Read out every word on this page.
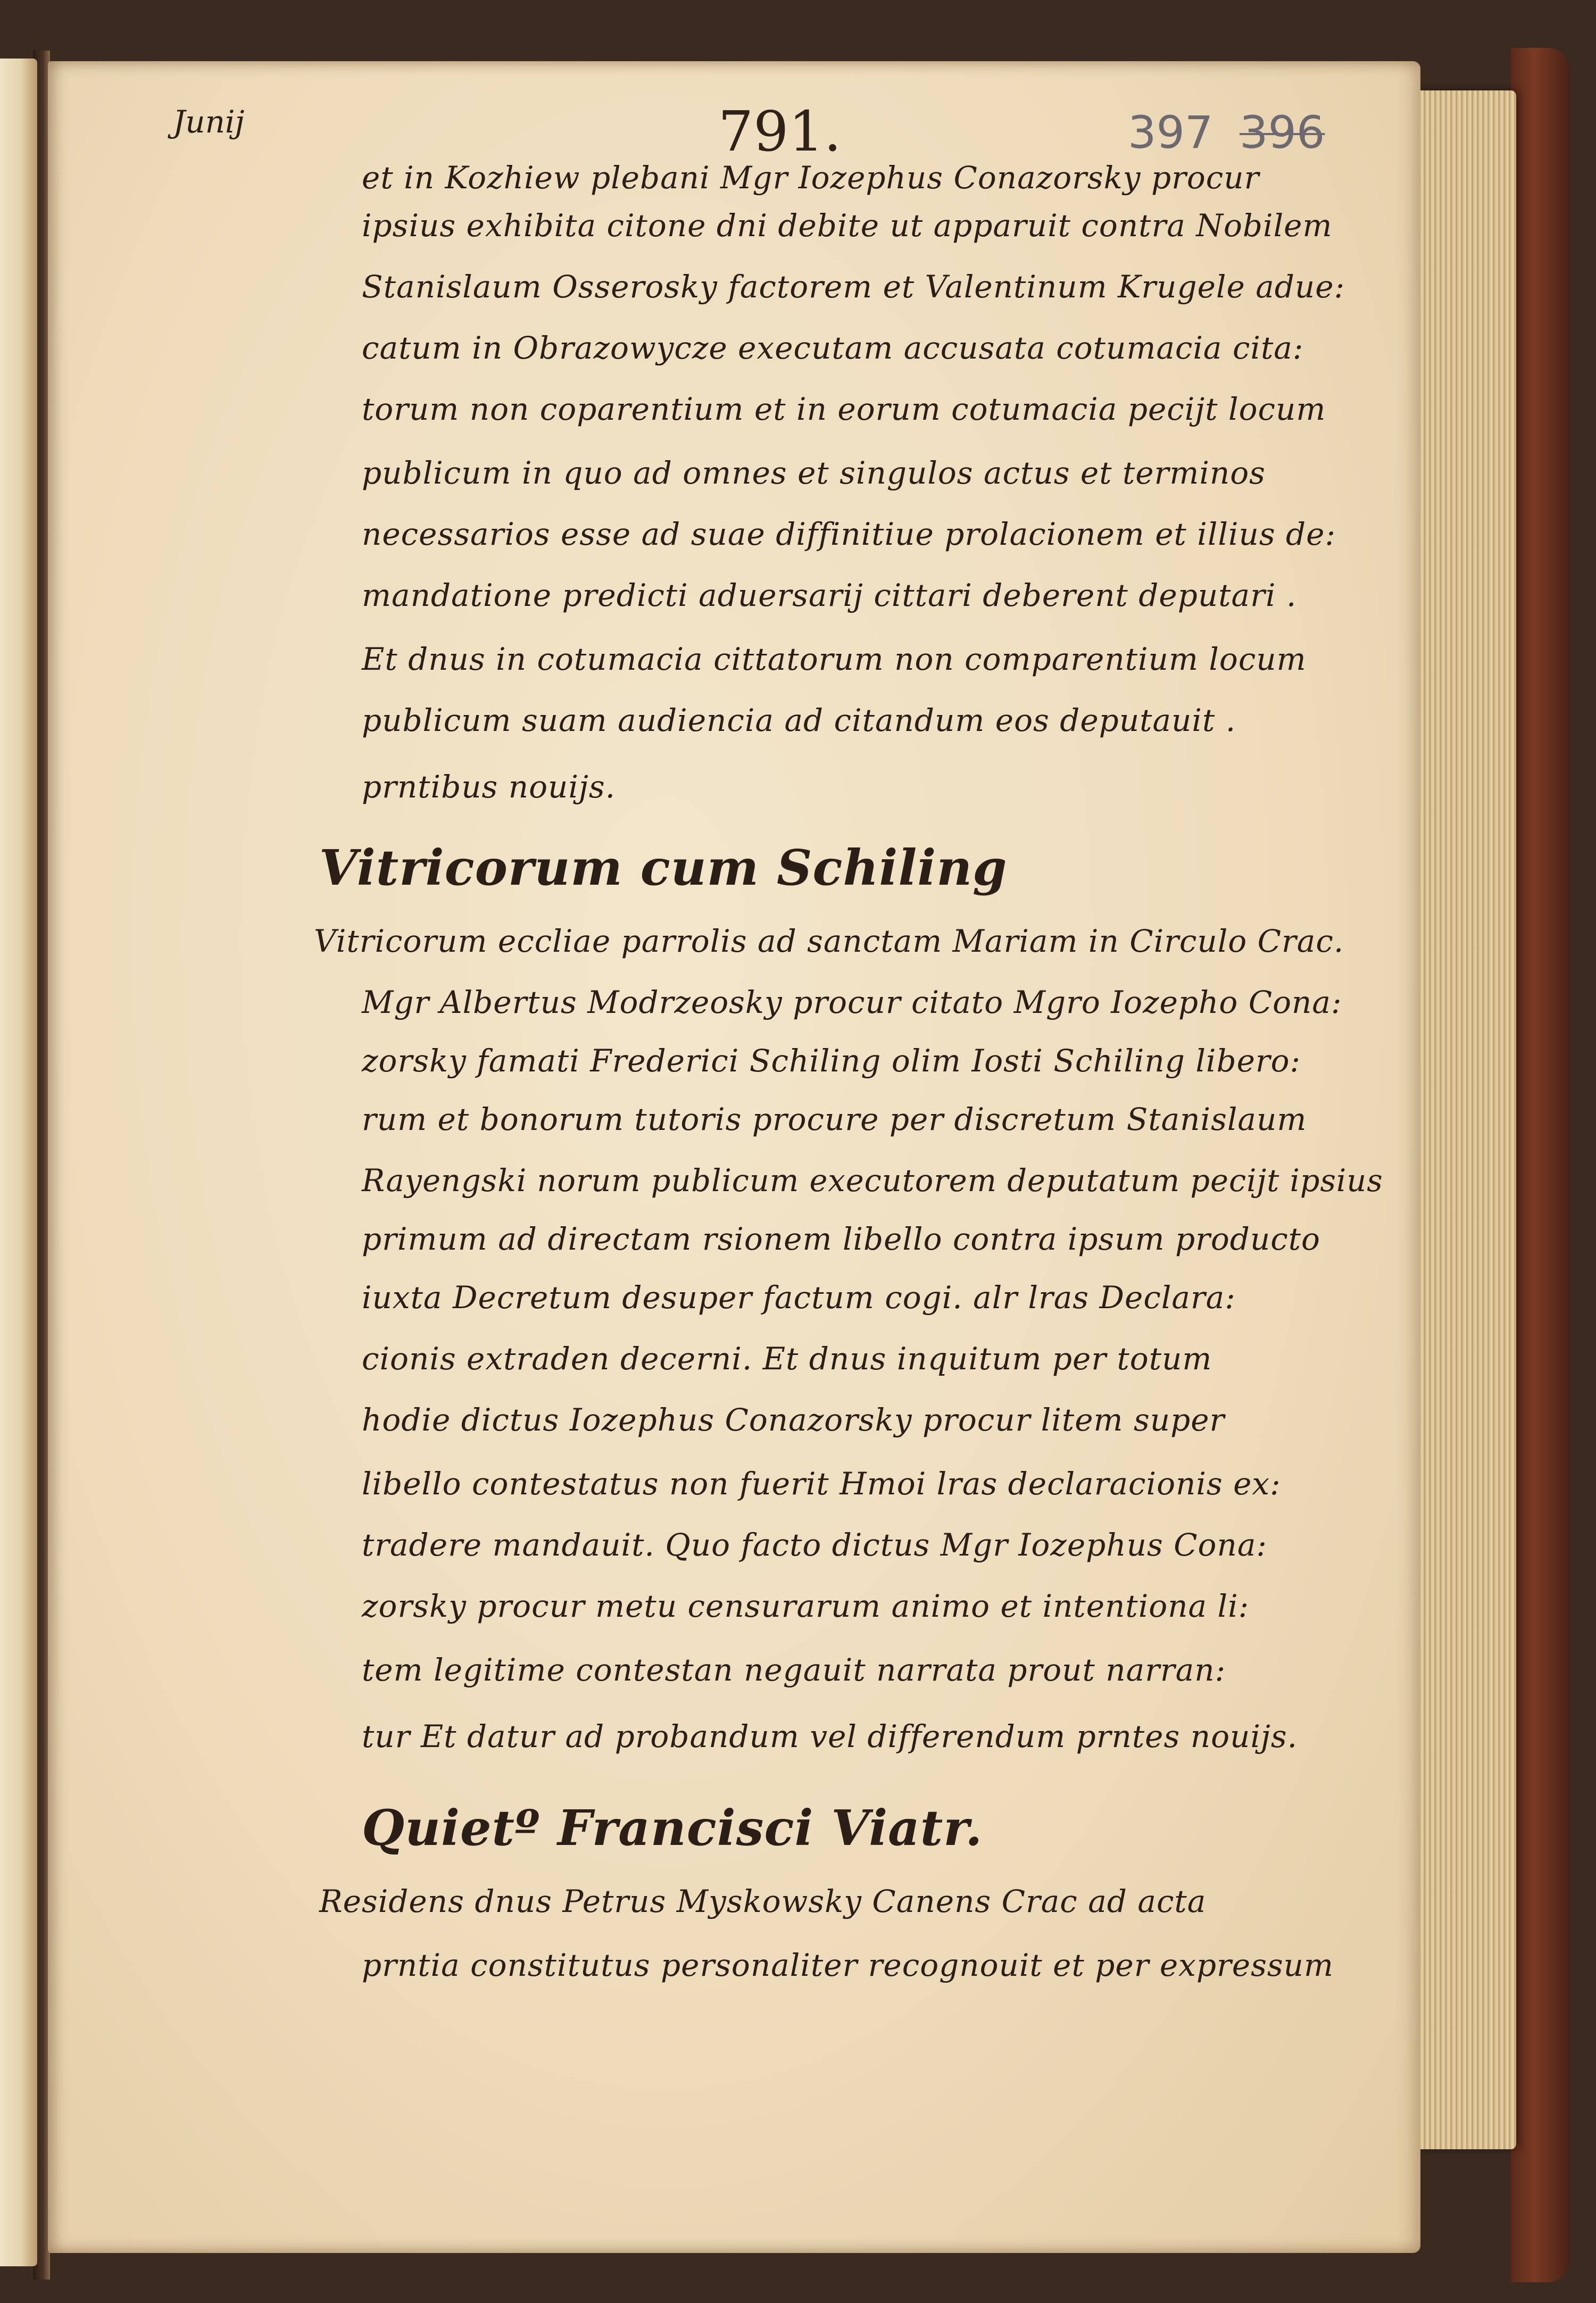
Junij	791.	397 396
et in Kozhiew plebani Mgr Iozephus Conazorsky procur
ipsius exhibita citone dni debite ut apparuit contra Nobilem
Stanislaum Osserosky factorem et Valentinum Krugele adue:
catum in Obrazowycze executam accusata cotumacia cita:
torum non coparentium et in eorum cotumacia pecijt locum
publicum in quo ad omnes et singulos actus et terminos
necessarios esse ad suae diffinitiue prolacionem et illius de:
mandatione predicti aduersarij cittari deberent deputari .
Et dnus in cotumacia cittatorum non comparentium locum
publicum suam audiencia ad citandum eos deputauit .
prntibus nouijs.
Vitricorum cum Schiling
Vitricorum eccliae parrolis ad sanctam Mariam in Circulo Crac.
Mgr Albertus Modrzeosky procur citato Mgro Iozepho Cona:
zorsky famati Frederici Schiling olim Iosti Schiling libero:
rum et bonorum tutoris procure per discretum Stanislaum
Rayengski norum publicum executorem deputatum pecijt ipsius
primum ad directam rsionem libello contra ipsum producto
iuxta Decretum desuper factum cogi. alr lras Declara:
cionis extraden decerni. Et dnus inquitum per totum
hodie dictus Iozephus Conazorsky procur litem super
libello contestatus non fuerit Hmoi lras declaracionis ex:
tradere mandauit. Quo facto dictus Mgr Iozephus Cona:
zorsky procur metu censurarum animo et intentiona li:
tem legitime contestan negauit narrata prout narran:
tur Et datur ad probandum vel differendum prntes nouijs.
Quietº Francisci Viatr.
Residens dnus Petrus Myskowsky Canens Crac ad acta
prntia constitutus personaliter recognouit et per expressum
